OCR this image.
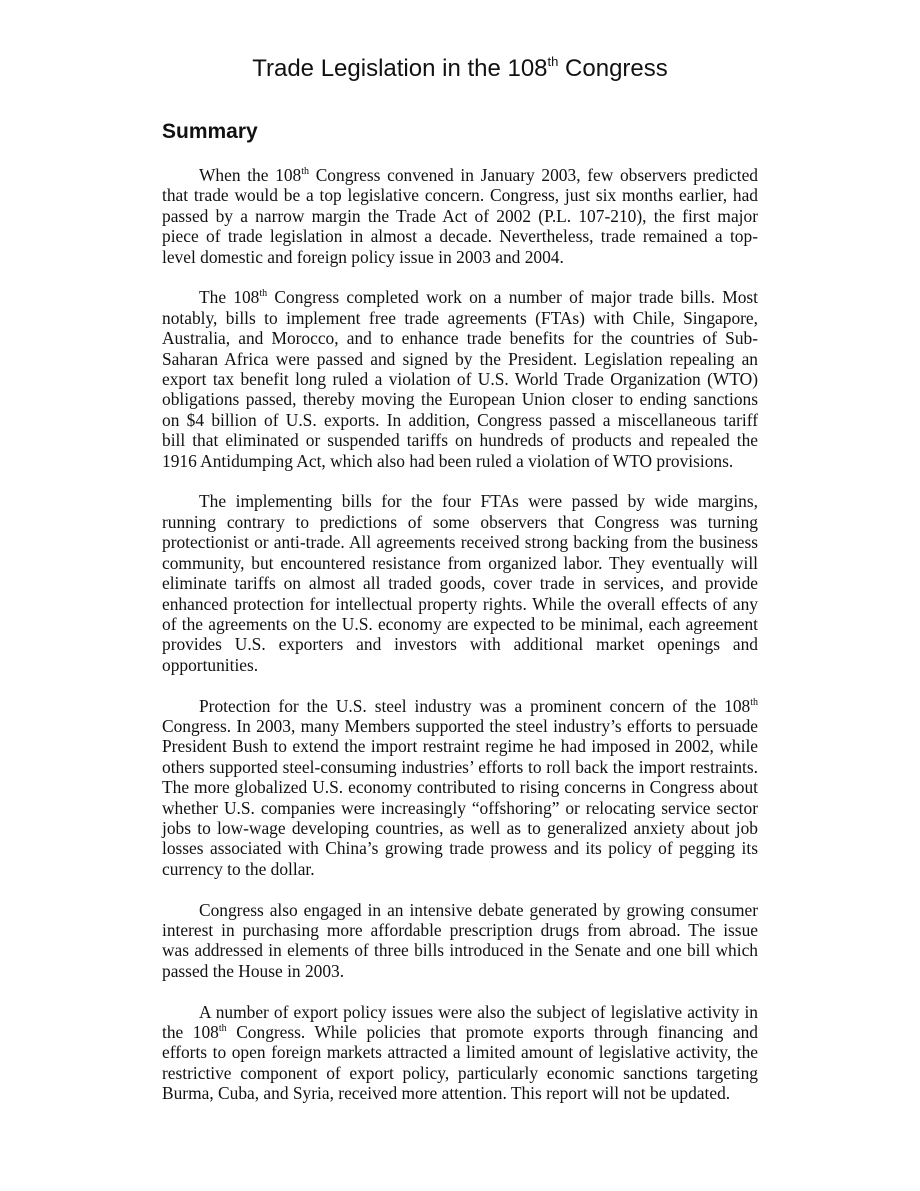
Trade Legislation in the 108th Congress
Summary
When the 108th Congress convened in January 2003, few observers predicted
that trade would be a top legislative concern. Congress, just six months earlier, had
passed by a narrow margin the Trade Act of 2002 (P.L. 107-210), the first major
piece of trade legislation in almost a decade. Nevertheless, trade remained a top-
level domestic and foreign policy issue in 2003 and 2004.
The 108th Congress completed work on a number of major trade bills. Most
notably, bills to implement free trade agreements (FTAs) with Chile, Singapore,
Australia, and Morocco, and to enhance trade benefits for the countries of Sub-
Saharan Africa were passed and signed by the President. Legislation repealing an
export tax benefit long ruled a violation of U.S. World Trade Organization (WTO)
obligations passed, thereby moving the European Union closer to ending sanctions
on $4 billion of U.S. exports. In addition, Congress passed a miscellaneous tariff
bill that eliminated or suspended tariffs on hundreds of products and repealed the
1916 Antidumping Act, which also had been ruled a violation of WTO provisions.
The implementing bills for the four FTAs were passed by wide margins,
running contrary to predictions of some observers that Congress was turning
protectionist or anti-trade. All agreements received strong backing from the business
community, but encountered resistance from organized labor. They eventually will
eliminate tariffs on almost all traded goods, cover trade in services, and provide
enhanced protection for intellectual property rights. While the overall effects of any
of the agreements on the U.S. economy are expected to be minimal, each agreement
provides U.S. exporters and investors with additional market openings and
opportunities.
Protection for the U.S. steel industry was a prominent concern of the 108th
Congress. In 2003, many Members supported the steel industry’s efforts to persuade
President Bush to extend the import restraint regime he had imposed in 2002, while
others supported steel-consuming industries’ efforts to roll back the import restraints.
The more globalized U.S. economy contributed to rising concerns in Congress about
whether U.S. companies were increasingly “offshoring” or relocating service sector
jobs to low-wage developing countries, as well as to generalized anxiety about job
losses associated with China’s growing trade prowess and its policy of pegging its
currency to the dollar.
Congress also engaged in an intensive debate generated by growing consumer
interest in purchasing more affordable prescription drugs from abroad. The issue
was addressed in elements of three bills introduced in the Senate and one bill which
passed the House in 2003.
A number of export policy issues were also the subject of legislative activity in
the 108th Congress. While policies that promote exports through financing and
efforts to open foreign markets attracted a limited amount of legislative activity, the
restrictive component of export policy, particularly economic sanctions targeting
Burma, Cuba, and Syria, received more attention. This report will not be updated.
